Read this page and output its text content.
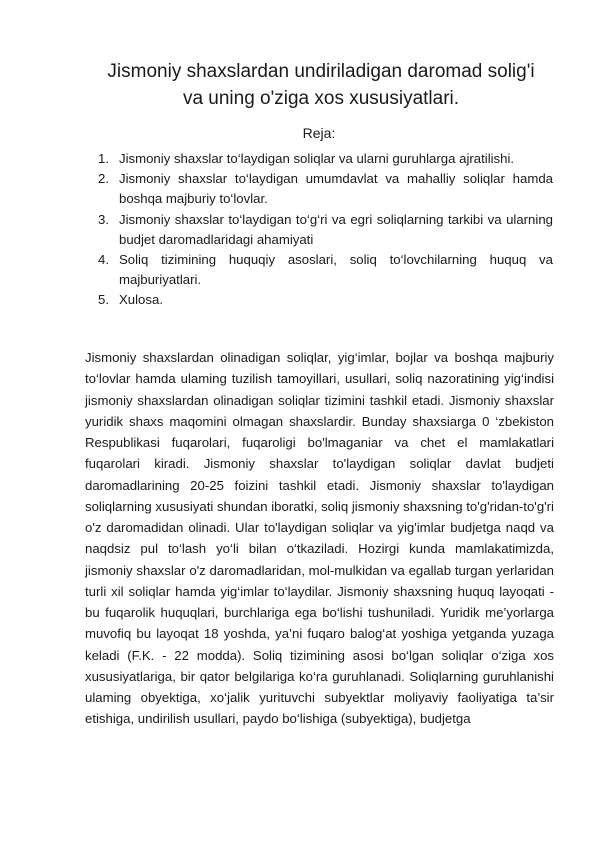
Jismoniy shaxslardan undiriladigan daromad solig'i
va uning o'ziga xos xususiyatlari.
Reja:
1. Jismoniy shaxslar to‘laydigan soliqlar va ularni guruhlarga ajratilishi.
2. Jismoniy shaxslar to‘laydigan umumdavlat va mahalliy soliqlar hamda boshqa majburiy to‘lovlar.
3. Jismoniy shaxslar to‘laydigan to‘g‘ri va egri soliqlarning tarkibi va ularning budjet daromadlaridagi ahamiyati
4. Soliq tizimining huquqiy asoslari, soliq to‘lovchilarning huquq va majburiyatlari.
5. Xulosa.

Jismoniy shaxslardan olinadigan soliqlar, yig‘imlar, bojlar va boshqa majburiy to‘lovlar hamda ulaming tuzilish tamoyillari, usullari, soliq nazoratining yig‘indisi jismoniy shaxslardan olinadigan soliqlar tizimini tashkil etadi. Jismoniy shaxslar yuridik shaxs maqomini olmagan shaxslardir. Bunday shaxsiarga 0 ‘zbekiston Respublikasi fuqarolari, fuqaroligi bo'lmaganiar va chet el mamlakatlari fuqarolari kiradi. Jismoniy shaxslar to'laydigan soliqlar davlat budjeti daromadlarining 20-25 foizini tashkil etadi. Jismoniy shaxslar to'laydigan soliqlarning xususiyati shundan iboratki, soliq jismoniy shaxsning to'g'ridan-to'g'ri o'z daromadidan olinadi. Ular to'laydigan soliqlar va yig'imlar budjetga naqd va naqdsiz pul to‘lash yo‘li bilan o‘tkaziladi. Hozirgi kunda mamlakatimizda, jismoniy shaxslar o'z daromadlaridan, mol-mulkidan va egallab turgan yerlaridan turli xil soliqlar hamda yig‘imlar to‘laydilar. Jismoniy shaxsning huquq layoqati - bu fuqarolik huquqlari, burchlariga ega bo‘lishi tushuniladi. Yuridik me’yorlarga muvofiq bu layoqat 18 yoshda, ya’ni fuqaro balog‘at yoshiga yetganda yuzaga keladi (F.K. - 22 modda). Soliq tizimining asosi bo‘lgan soliqlar o‘ziga xos xususiyatlariga, bir qator belgilariga ko‘ra guruhlanadi. Soliqlarning guruhlanishi ulaming obyektiga, xo‘jalik yurituvchi subyektlar moliyaviy faoliyatiga ta’sir etishiga, undirilish usullari, paydo bo‘lishiga (subyektiga), budjetga
